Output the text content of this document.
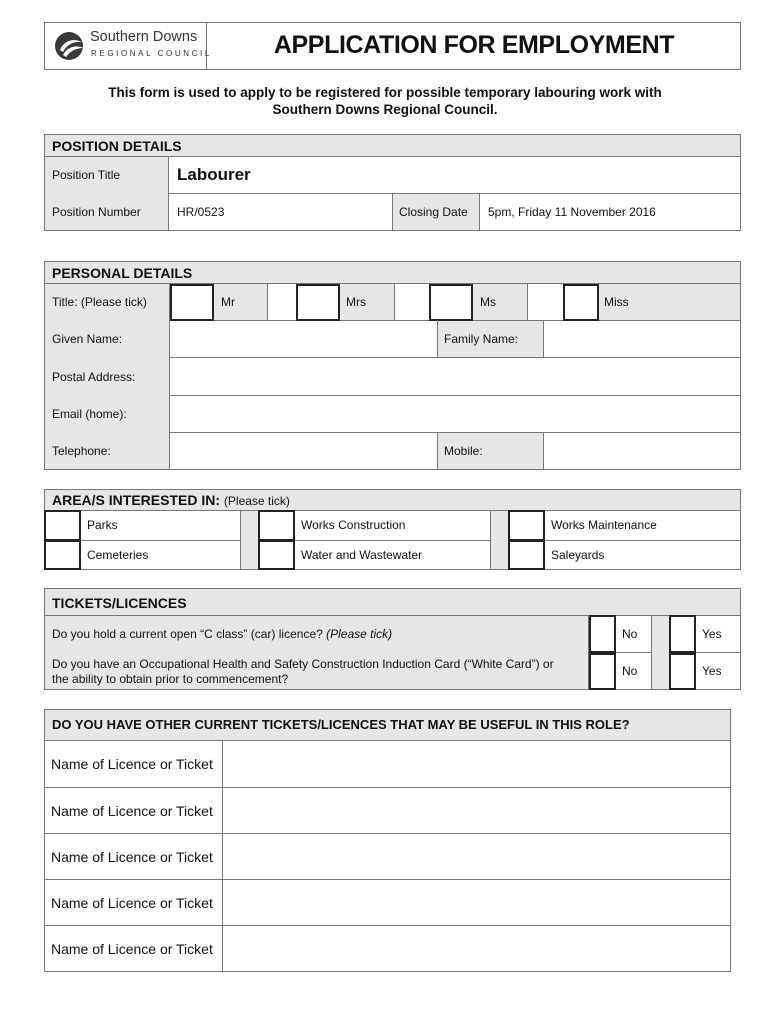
Southern Downs
REGIONAL COUNCIL	APPLICATION FOR EMPLOYMENT
This form is used to apply to be registered for possible temporary labouring work with
Southern Downs Regional Council.
POSITION DETAILS
Position Title	Labourer
Position Number	HR/0523	Closing Date 5pm, Friday 11 November 2016
PERSONAL DETAILS
Title: (Please tick)	Mr	Mrs	Ms	Miss
Given Name:	Family Name:
Postal Address:
Email (home):
Telephone:	Mobile:
AREA/S INTERESTED IN: (Please tick)
Parks	Works Construction	Works Maintenance
Cemeteries	Water and Wastewater	Saleyards
TICKETS/LICENCES
Do you hold a current open “C class” (car) licence? (Please tick)	No	Yes
Do you have an Occupational Health and Safety Construction Induction Card (“White Card”) or
the ability to obtain prior to commencement?
No	Yes
DO YOU HAVE OTHER CURRENT TICKETS/LICENCES THAT MAY BE USEFUL IN THIS ROLE?
Name of Licence or Ticket
Name of Licence or Ticket
Name of Licence or Ticket
Name of Licence or Ticket
Name of Licence or Ticket
